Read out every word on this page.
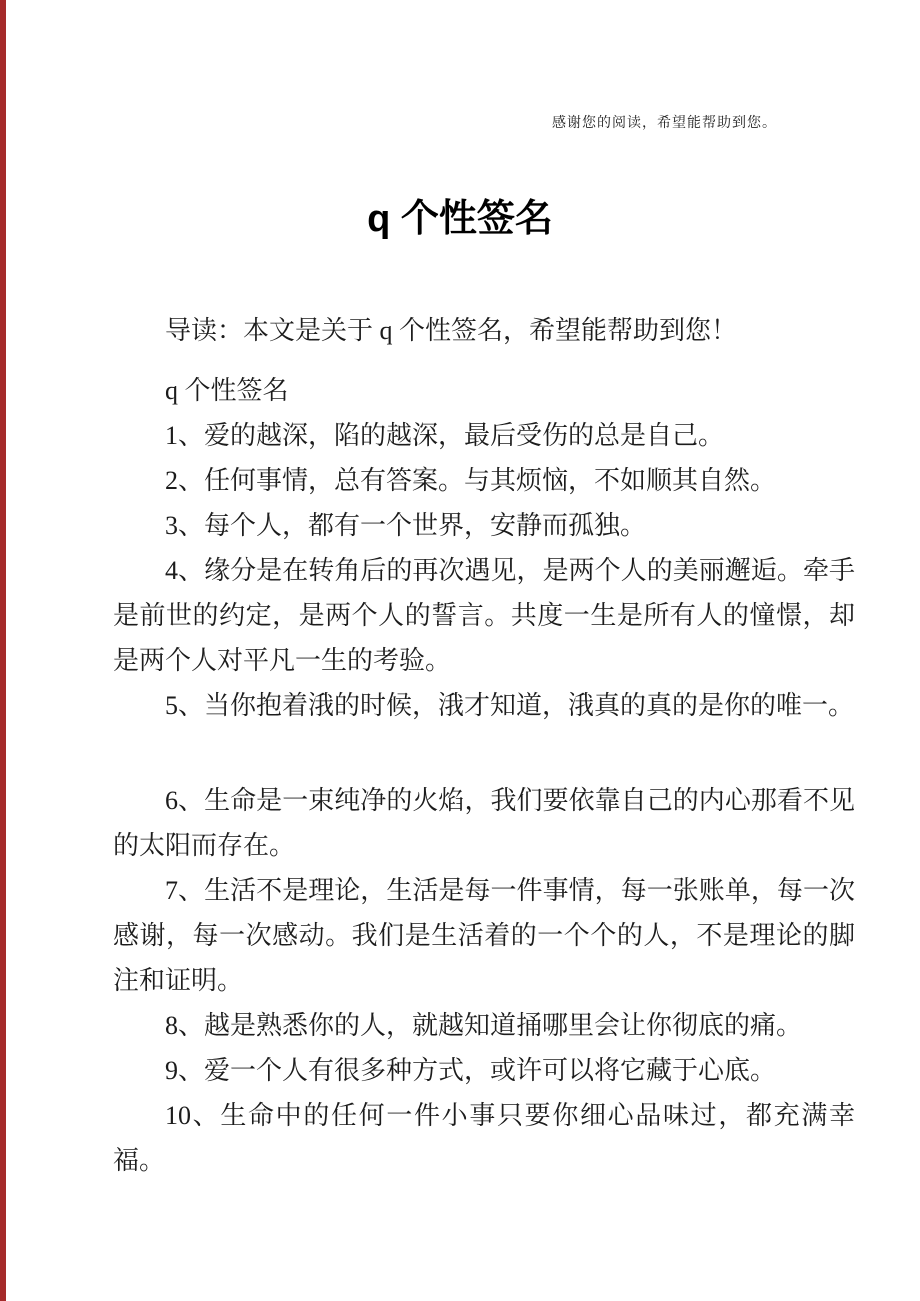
感谢您的阅读，希望能帮助到您。
q 个性签名

导读：本文是关于 q 个性签名，希望能帮助到您！

q 个性签名

1、爱的越深，陷的越深，最后受伤的总是自己。

2、任何事情，总有答案。与其烦恼，不如顺其自然。

3、每个人，都有一个世界，安静而孤独。

4、缘分是在转角后的再次遇见，是两个人的美丽邂逅。牵手是前世的约定，是两个人的誓言。共度一生是所有人的憧憬，却是两个人对平凡一生的考验。

5、当你抱着涐的时候，涐才知道，涐真的真的是你的唯一。

6、生命是一束纯净的火焰，我们要依靠自己的内心那看不见的太阳而存在。

7、生活不是理论，生活是每一件事情，每一张账单，每一次感谢，每一次感动。我们是生活着的一个个的人，不是理论的脚注和证明。

8、越是熟悉你的人，就越知道捅哪里会让你彻底的痛。

9、爱一个人有很多种方式，或许可以将它藏于心底。

10、生命中的任何一件小事只要你细心品味过，都充满幸福。
